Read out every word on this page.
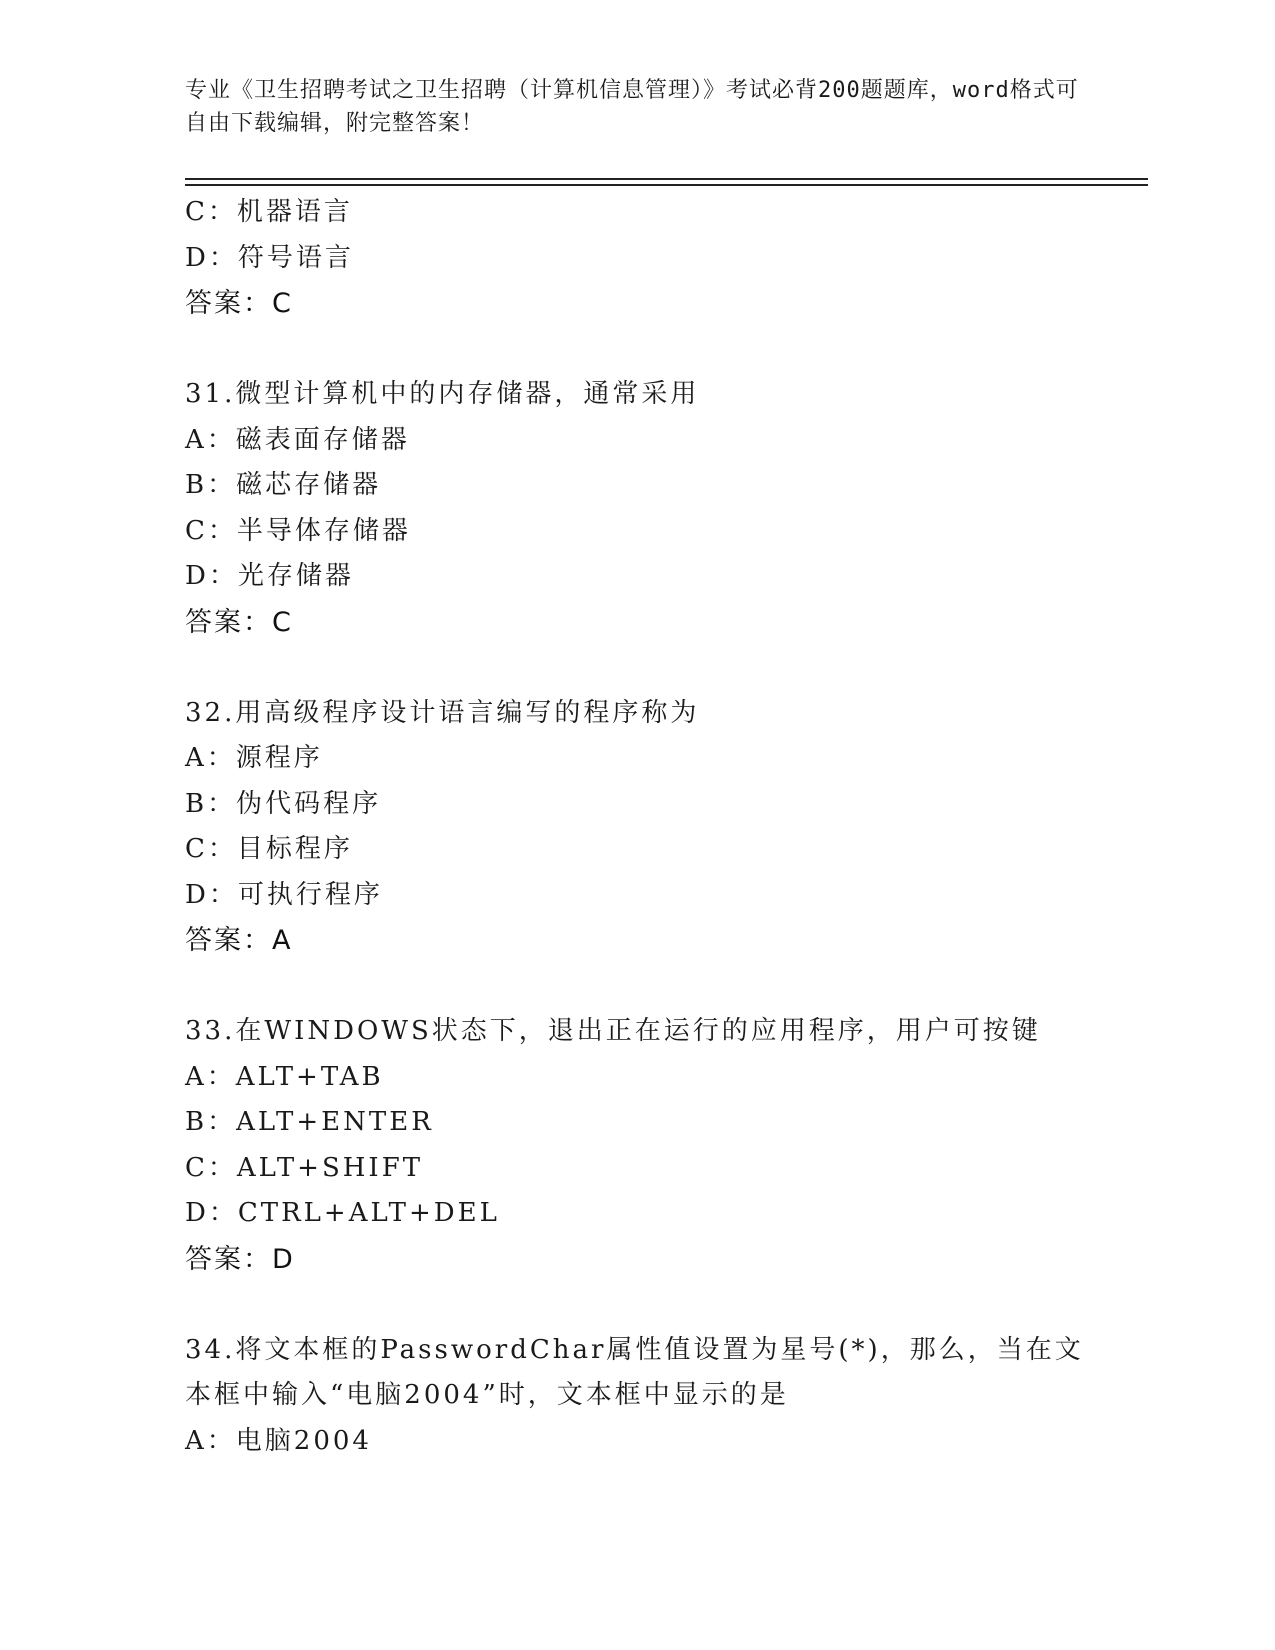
专业《卫生招聘考试之卫生招聘（计算机信息管理）》考试必背200题题库，word格式可自由下载编辑，附完整答案！
C：机器语言
D：符号语言
答案：C
31.微型计算机中的内存储器，通常采用
A：磁表面存储器
B：磁芯存储器
C：半导体存储器
D：光存储器
答案：C
32.用高级程序设计语言编写的程序称为
A：源程序
B：伪代码程序
C：目标程序
D：可执行程序
答案：A
33.在WINDOWS状态下，退出正在运行的应用程序，用户可按键
A：ALT+TAB
B：ALT+ENTER
C：ALT+SHIFT
D：CTRL+ALT+DEL
答案：D
34.将文本框的PasswordChar属性值设置为星号(*)，那么，当在文本框中输入“电脑2004”时，文本框中显示的是
A：电脑2004
